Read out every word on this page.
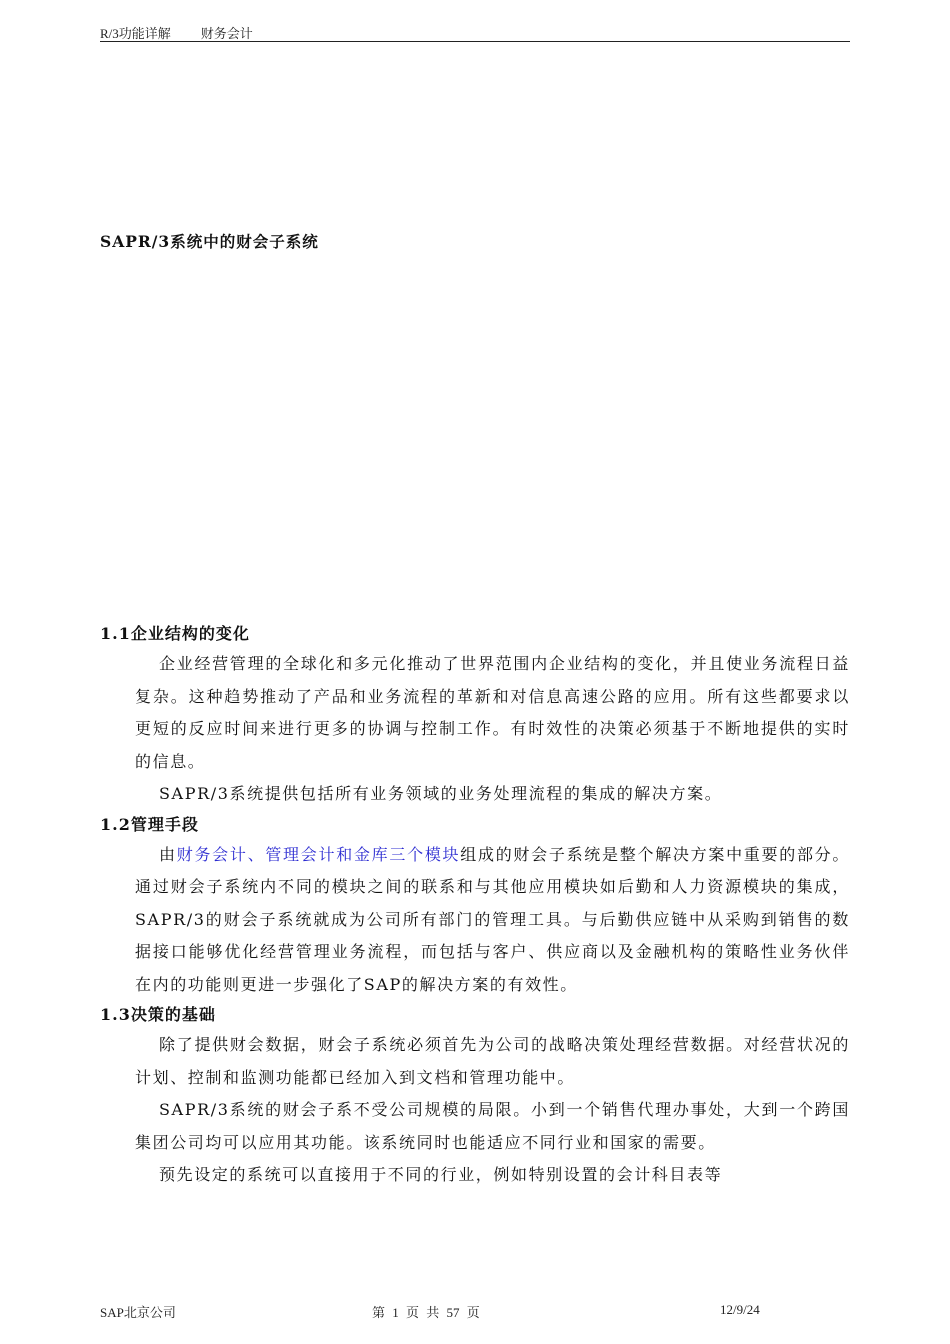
R/3功能详解 财务会计
SAPR/3系统中的财会子系统

1.1企业结构的变化

企业经营管理的全球化和多元化推动了世界范围内企业结构的变化，并且使业务流程日益复杂。这种趋势推动了产品和业务流程的革新和对信息高速公路的应用。所有这些都要求以更短的反应时间来进行更多的协调与控制工作。有时效性的决策必须基于不断地提供的实时的信息。

SAPR/3系统提供包括所有业务领域的业务处理流程的集成的解决方案。

1.2管理手段

由财务会计、管理会计和金库三个模块组成的财会子系统是整个解决方案中重要的部分。通过财会子系统内不同的模块之间的联系和与其他应用模块如后勤和人力资源模块的集成，SAPR/3的财会子系统就成为公司所有部门的管理工具。与后勤供应链中从采购到销售的数据接口能够优化经营管理业务流程，而包括与客户、供应商以及金融机构的策略性业务伙伴在内的功能则更进一步强化了SAP的解决方案的有效性。

1.3决策的基础

除了提供财会数据，财会子系统必须首先为公司的战略决策处理经营数据。对经营状况的计划、控制和监测功能都已经加入到文档和管理功能中。

SAPR/3系统的财会子系不受公司规模的局限。小到一个销售代理办事处，大到一个跨国集团公司均可以应用其功能。该系统同时也能适应不同行业和国家的需要。

预先设定的系统可以直接用于不同的行业，例如特别设置的会计科目表等

SAP北京公司	第 1 页 共 57 页	12/9/24
